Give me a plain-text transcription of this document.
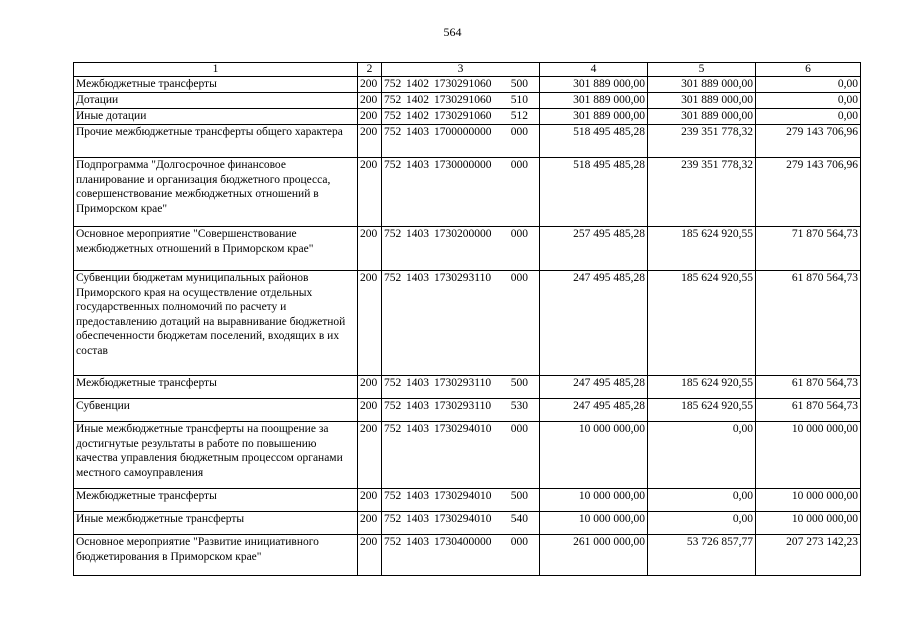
564
1	2	3	4	5	6
Межбюджетные трансферты	200	752 1402 1730291060 500	301 889 000,00	301 889 000,00	0,00
Дотации	200	752 1402 1730291060 510	301 889 000,00	301 889 000,00	0,00
Иные дотации	200	752 1402 1730291060 512	301 889 000,00	301 889 000,00	0,00
Прочие межбюджетные трансферты общего характера	200	752 1403 1700000000 000	518 495 485,28	239 351 778,32	279 143 706,96
Подпрограмма "Долгосрочное финансовое планирование и организация бюджетного процесса, совершенствование межбюджетных отношений в Приморском крае"	200	752 1403 1730000000 000	518 495 485,28	239 351 778,32	279 143 706,96
Основное мероприятие "Совершенствование межбюджетных отношений в Приморском крае"	200	752 1403 1730200000 000	257 495 485,28	185 624 920,55	71 870 564,73
Субвенции бюджетам муниципальных районов Приморского края на осуществление отдельных государственных полномочий по расчету и предоставлению дотаций на выравнивание бюджетной обеспеченности бюджетам поселений, входящих в их состав	200	752 1403 1730293110 000	247 495 485,28	185 624 920,55	61 870 564,73
Межбюджетные трансферты	200	752 1403 1730293110 500	247 495 485,28	185 624 920,55	61 870 564,73
Субвенции	200	752 1403 1730293110 530	247 495 485,28	185 624 920,55	61 870 564,73
Иные межбюджетные трансферты на поощрение за достигнутые результаты в работе по повышению качества управления бюджетным процессом органами местного самоуправления	200	752 1403 1730294010 000	10 000 000,00	0,00	10 000 000,00
Межбюджетные трансферты	200	752 1403 1730294010 500	10 000 000,00	0,00	10 000 000,00
Иные межбюджетные трансферты	200	752 1403 1730294010 540	10 000 000,00	0,00	10 000 000,00
Основное мероприятие "Развитие инициативного бюджетирования в Приморском крае"	200	752 1403 1730400000 000	261 000 000,00	53 726 857,77	207 273 142,23
